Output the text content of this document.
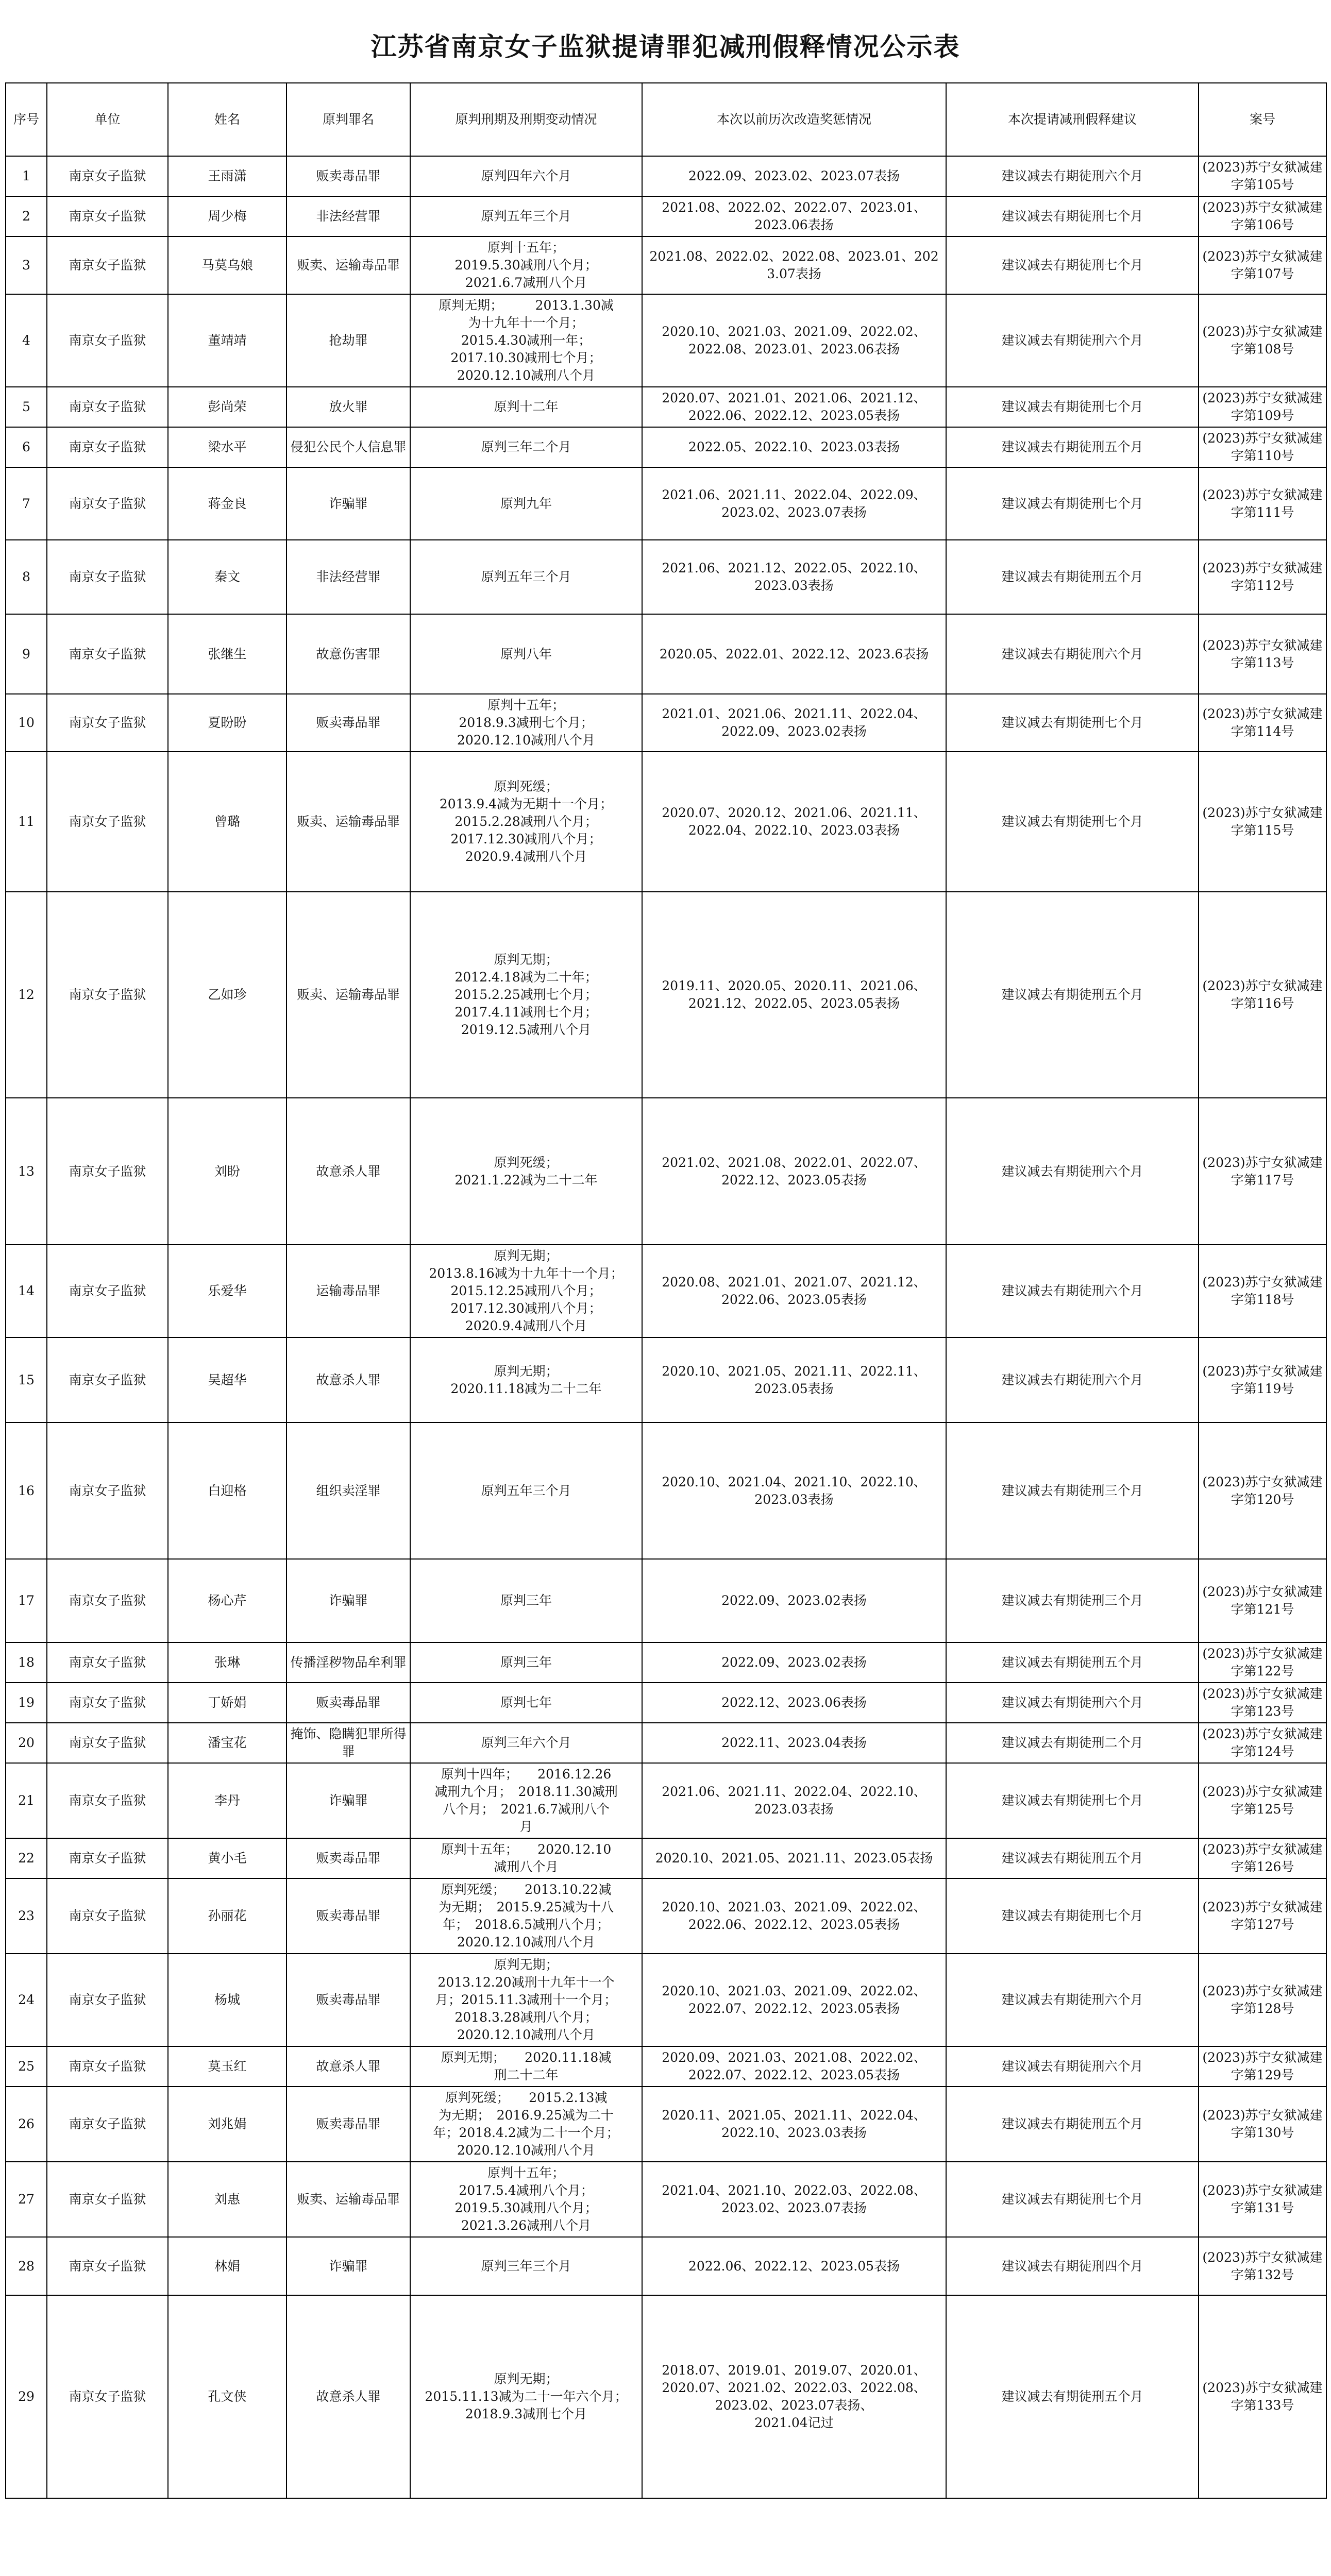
江苏省南京女子监狱提请罪犯减刑假释情况公示表
序号	单位	姓名	原判罪名	原判刑期及刑期变动情况	本次以前历次改造奖惩情况	本次提请减刑假释建议	案号
1	南京女子监狱	王雨潇	贩卖毒品罪	原判四年六个月	2022.09、2023.02、2023.07表扬	建议减去有期徒刑六个月	(2023)苏宁女狱减建字第105号
2	南京女子监狱	周少梅	非法经营罪	原判五年三个月	2021.08、2022.02、2022.07、2023.01、
2023.06表扬	建议减去有期徒刑七个月	(2023)苏宁女狱减建字第106号
3	南京女子监狱	马莫乌娘	贩卖、运输毒品罪	原判十五年；
2019.5.30减刑八个月；
2021.6.7减刑八个月	2021.08、2022.02、2022.08、2023.01、2023.07表扬	建议减去有期徒刑七个月	(2023)苏宁女狱减建字第107号
4	南京女子监狱	董靖靖	抢劫罪	原判无期；　　　2013.1.30减
为十九年十一个月；
2015.4.30减刑一年；
2017.10.30减刑七个月；
2020.12.10减刑八个月	2020.10、2021.03、2021.09、2022.02、
2022.08、2023.01、2023.06表扬	建议减去有期徒刑六个月	(2023)苏宁女狱减建字第108号
5	南京女子监狱	彭尚荣	放火罪	原判十二年	2020.07、2021.01、2021.06、2021.12、
2022.06、2022.12、2023.05表扬	建议减去有期徒刑七个月	(2023)苏宁女狱减建字第109号
6	南京女子监狱	梁水平	侵犯公民个人信息罪	原判三年二个月	2022.05、2022.10、2023.03表扬	建议减去有期徒刑五个月	(2023)苏宁女狱减建字第110号
7	南京女子监狱	蒋金良	诈骗罪	原判九年	2021.06、2021.11、2022.04、2022.09、
2023.02、2023.07表扬	建议减去有期徒刑七个月	(2023)苏宁女狱减建字第111号
8	南京女子监狱	秦文	非法经营罪	原判五年三个月	2021.06、2021.12、2022.05、2022.10、
2023.03表扬	建议减去有期徒刑五个月	(2023)苏宁女狱减建字第112号
9	南京女子监狱	张继生	故意伤害罪	原判八年	2020.05、2022.01、2022.12、2023.6表扬	建议减去有期徒刑六个月	(2023)苏宁女狱减建字第113号
10	南京女子监狱	夏盼盼	贩卖毒品罪	原判十五年；
2018.9.3减刑七个月；
2020.12.10减刑八个月	2021.01、2021.06、2021.11、2022.04、
2022.09、2023.02表扬	建议减去有期徒刑七个月	(2023)苏宁女狱减建字第114号
11	南京女子监狱	曾璐	贩卖、运输毒品罪	原判死缓；
2013.9.4减为无期十一个月；
2015.2.28减刑八个月；
2017.12.30减刑八个月；
2020.9.4减刑八个月	2020.07、2020.12、2021.06、2021.11、
2022.04、2022.10、2023.03表扬	建议减去有期徒刑七个月	(2023)苏宁女狱减建字第115号
12	南京女子监狱	乙如珍	贩卖、运输毒品罪	原判无期；
2012.4.18减为二十年；
2015.2.25减刑七个月；
2017.4.11减刑七个月；
2019.12.5减刑八个月	2019.11、2020.05、2020.11、2021.06、
2021.12、2022.05、2023.05表扬	建议减去有期徒刑五个月	(2023)苏宁女狱减建字第116号
13	南京女子监狱	刘盼	故意杀人罪	原判死缓；
2021.1.22减为二十二年	2021.02、2021.08、2022.01、2022.07、
2022.12、2023.05表扬	建议减去有期徒刑六个月	(2023)苏宁女狱减建字第117号
14	南京女子监狱	乐爱华	运输毒品罪	原判无期；
2013.8.16减为十九年十一个月；
2015.12.25减刑八个月；
2017.12.30减刑八个月；
2020.9.4减刑八个月	2020.08、2021.01、2021.07、2021.12、
2022.06、2023.05表扬	建议减去有期徒刑六个月	(2023)苏宁女狱减建字第118号
15	南京女子监狱	吴超华	故意杀人罪	原判无期；
2020.11.18减为二十二年	2020.10、2021.05、2021.11、2022.11、
2023.05表扬	建议减去有期徒刑六个月	(2023)苏宁女狱减建字第119号
16	南京女子监狱	白迎格	组织卖淫罪	原判五年三个月	2020.10、2021.04、2021.10、2022.10、
2023.03表扬	建议减去有期徒刑三个月	(2023)苏宁女狱减建字第120号
17	南京女子监狱	杨心芹	诈骗罪	原判三年	2022.09、2023.02表扬	建议减去有期徒刑三个月	(2023)苏宁女狱减建字第121号
18	南京女子监狱	张琳	传播淫秽物品牟利罪	原判三年	2022.09、2023.02表扬	建议减去有期徒刑五个月	(2023)苏宁女狱减建字第122号
19	南京女子监狱	丁娇娟	贩卖毒品罪	原判七年	2022.12、2023.06表扬	建议减去有期徒刑六个月	(2023)苏宁女狱减建字第123号
20	南京女子监狱	潘宝花	掩饰、隐瞒犯罪所得罪	原判三年六个月	2022.11、2023.04表扬	建议减去有期徒刑二个月	(2023)苏宁女狱减建字第124号
21	南京女子监狱	李丹	诈骗罪	原判十四年；　　2016.12.26
减刑九个月；　2018.11.30减刑
八个月；　2021.6.7减刑八个
月	2021.06、2021.11、2022.04、2022.10、
2023.03表扬	建议减去有期徒刑七个月	(2023)苏宁女狱减建字第125号
22	南京女子监狱	黄小毛	贩卖毒品罪	原判十五年；　　2020.12.10
减刑八个月	2020.10、2021.05、2021.11、2023.05表扬	建议减去有期徒刑五个月	(2023)苏宁女狱减建字第126号
23	南京女子监狱	孙丽花	贩卖毒品罪	原判死缓；　　2013.10.22减
为无期；　2015.9.25减为十八
年；　2018.6.5减刑八个月；
2020.12.10减刑八个月	2020.10、2021.03、2021.09、2022.02、
2022.06、2022.12、2023.05表扬	建议减去有期徒刑七个月	(2023)苏宁女狱减建字第127号
24	南京女子监狱	杨城	贩卖毒品罪	原判无期；
2013.12.20减刑十九年十一个
月；2015.11.3减刑十一个月；
2018.3.28减刑八个月；
2020.12.10减刑八个月	2020.10、2021.03、2021.09、2022.02、
2022.07、2022.12、2023.05表扬	建议减去有期徒刑六个月	(2023)苏宁女狱减建字第128号
25	南京女子监狱	莫玉红	故意杀人罪	原判无期；　　2020.11.18减
刑二十二年	2020.09、2021.03、2021.08、2022.02、
2022.07、2022.12、2023.05表扬	建议减去有期徒刑六个月	(2023)苏宁女狱减建字第129号
26	南京女子监狱	刘兆娟	贩卖毒品罪	原判死缓；　　2015.2.13减
为无期；　2016.9.25减为二十
年；2018.4.2减为二十一个月；
2020.12.10减刑八个月	2020.11、2021.05、2021.11、2022.04、
2022.10、2023.03表扬	建议减去有期徒刑五个月	(2023)苏宁女狱减建字第130号
27	南京女子监狱	刘惠	贩卖、运输毒品罪	原判十五年；
2017.5.4减刑八个月；
2019.5.30减刑八个月；
2021.3.26减刑八个月	2021.04、2021.10、2022.03、2022.08、
2023.02、2023.07表扬	建议减去有期徒刑七个月	(2023)苏宁女狱减建字第131号
28	南京女子监狱	林娟	诈骗罪	原判三年三个月	2022.06、2022.12、2023.05表扬	建议减去有期徒刑四个月	(2023)苏宁女狱减建字第132号
29	南京女子监狱	孔文侠	故意杀人罪	原判无期；
2015.11.13减为二十一年六个月；
2018.9.3减刑七个月	2018.07、2019.01、2019.07、2020.01、
2020.07、2021.02、2022.03、2022.08、
2023.02、2023.07表扬、
2021.04记过	建议减去有期徒刑五个月	(2023)苏宁女狱减建字第133号
